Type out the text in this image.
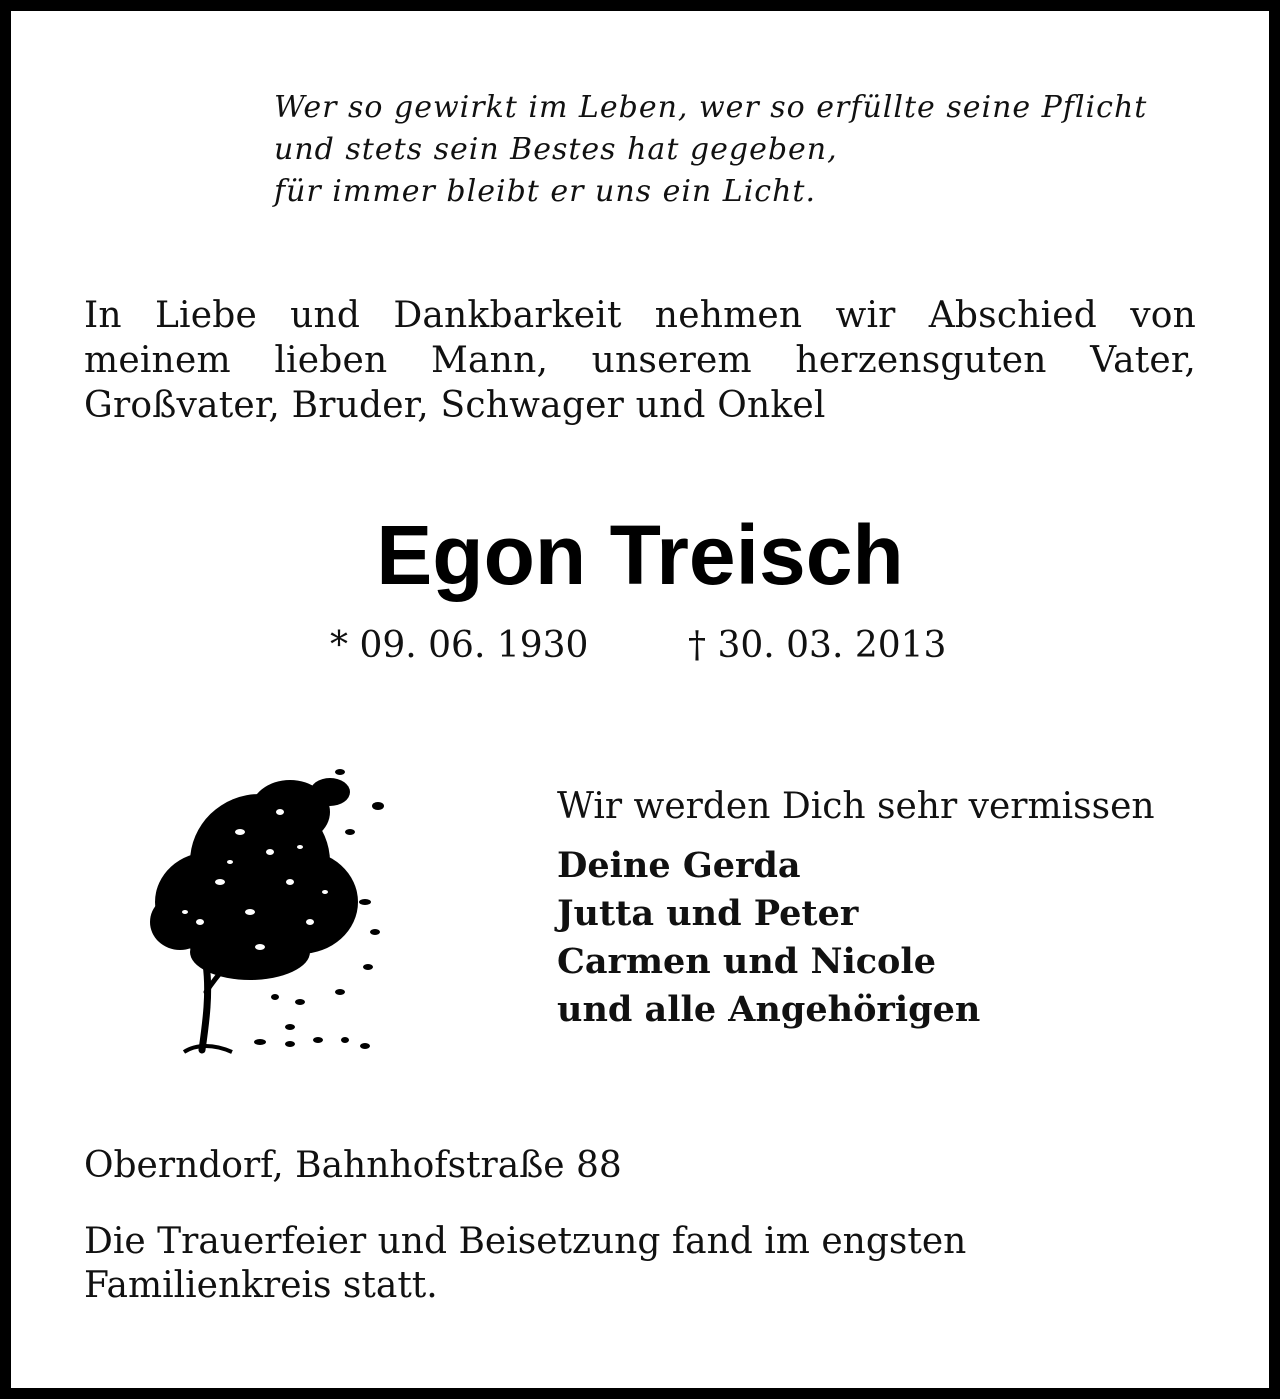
Wer so gewirkt im Leben, wer so erfüllte seine Pflicht
und stets sein Bestes hat gegeben,
für immer bleibt er uns ein Licht.
In Liebe und Dankbarkeit nehmen wir Abschied von
meinem lieben Mann, unserem herzensguten Vater,
Großvater, Bruder, Schwager und Onkel
Egon Treisch
* 09. 06. 1930	† 30. 03. 2013
Wir werden Dich sehr vermissen
Deine Gerda
Jutta und Peter
Carmen und Nicole
und alle Angehörigen
Oberndorf, Bahnhofstraße 88
Die Trauerfeier und Beisetzung fand im engsten
Familienkreis statt.
